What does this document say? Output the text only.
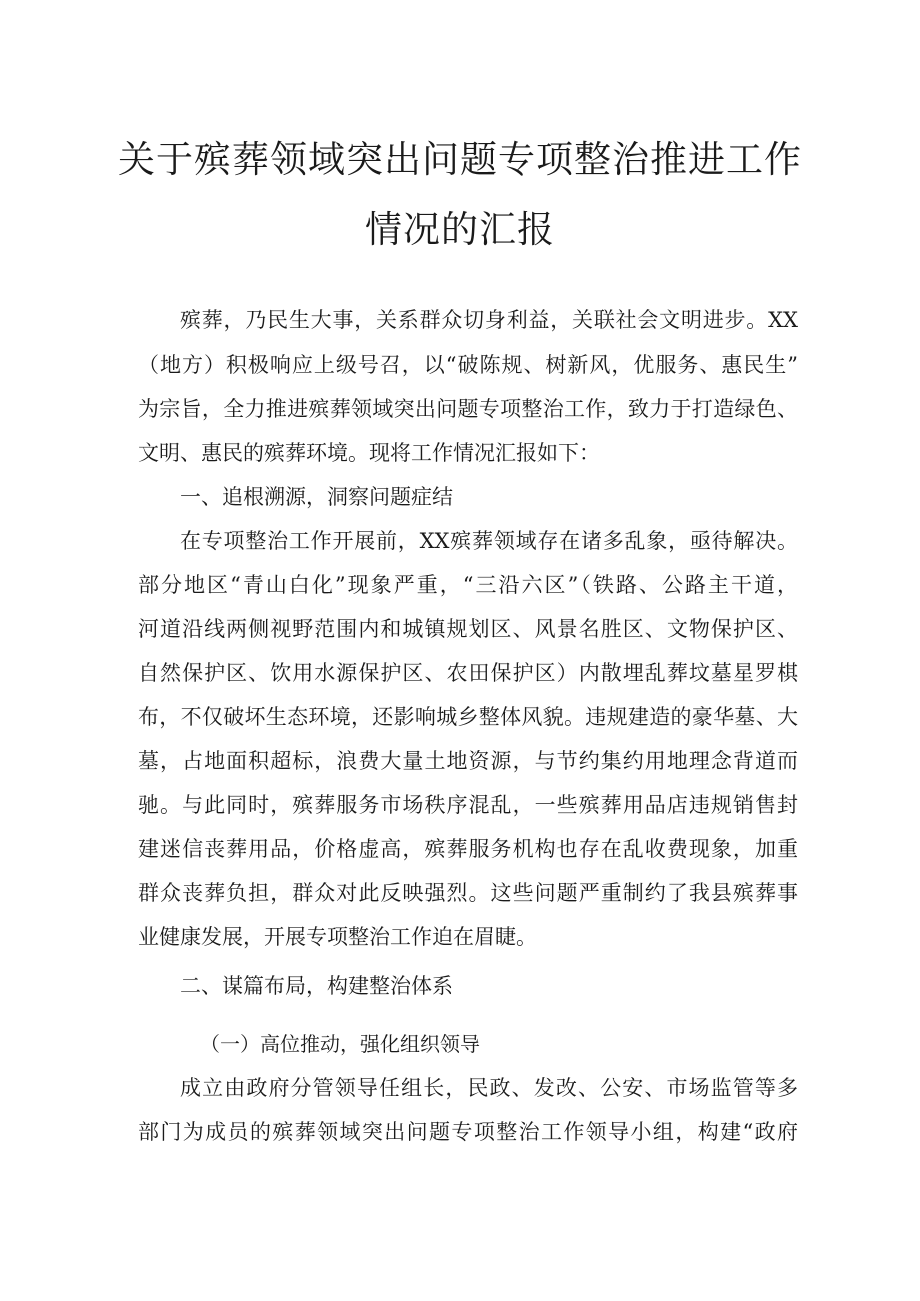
关于殡葬领域突出问题专项整治推进工作
情况的汇报
殡葬，乃民生大事，关系群众切身利益，关联社会文明进步。XX
（地方）积极响应上级号召，以“破陈规、树新风，优服务、惠民生”
为宗旨，全力推进殡葬领域突出问题专项整治工作，致力于打造绿色、
文明、惠民的殡葬环境。现将工作情况汇报如下：
一、追根溯源，洞察问题症结
在专项整治工作开展前，XX殡葬领域存在诸多乱象，亟待解决。
部分地区“青山白化”现象严重，“三沿六区”（铁路、公路主干道，
河道沿线两侧视野范围内和城镇规划区、风景名胜区、文物保护区、
自然保护区、饮用水源保护区、农田保护区）内散埋乱葬坟墓星罗棋
布，不仅破坏生态环境，还影响城乡整体风貌。违规建造的豪华墓、大
墓，占地面积超标，浪费大量土地资源，与节约集约用地理念背道而
驰。与此同时，殡葬服务市场秩序混乱，一些殡葬用品店违规销售封
建迷信丧葬用品，价格虚高，殡葬服务机构也存在乱收费现象，加重
群众丧葬负担，群众对此反映强烈。这些问题严重制约了我县殡葬事
业健康发展，开展专项整治工作迫在眉睫。
二、谋篇布局，构建整治体系
（一）高位推动，强化组织领导
成立由政府分管领导任组长，民政、发改、公安、市场监管等多
部门为成员的殡葬领域突出问题专项整治工作领导小组，构建“政府
